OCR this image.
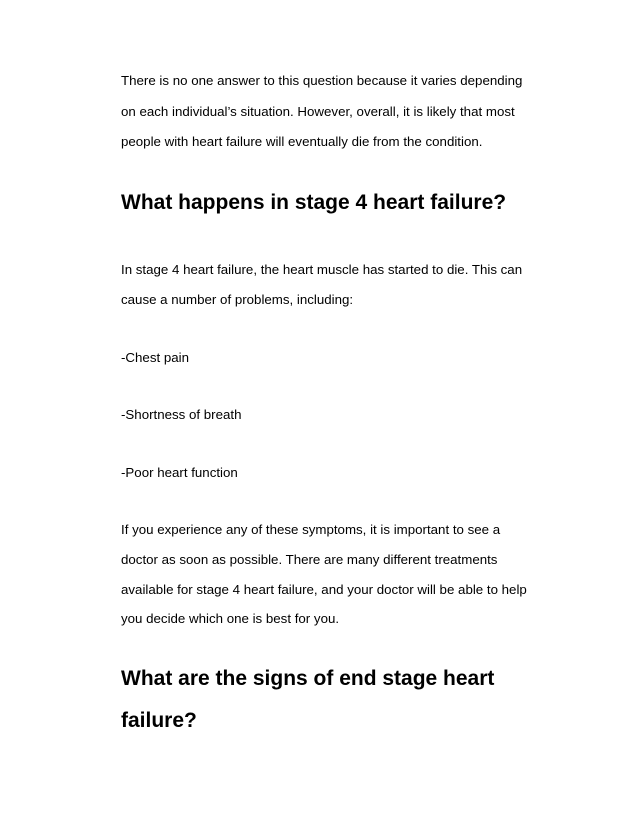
There is no one answer to this question because it varies depending

on each individual’s situation. However, overall, it is likely that most

people with heart failure will eventually die from the condition.

What happens in stage 4 heart failure?

In stage 4 heart failure, the heart muscle has started to die. This can

cause a number of problems, including:

-Chest pain

-Shortness of breath

-Poor heart function

If you experience any of these symptoms, it is important to see a

doctor as soon as possible. There are many different treatments

available for stage 4 heart failure, and your doctor will be able to help

you decide which one is best for you.

What are the signs of end stage heart
failure?
